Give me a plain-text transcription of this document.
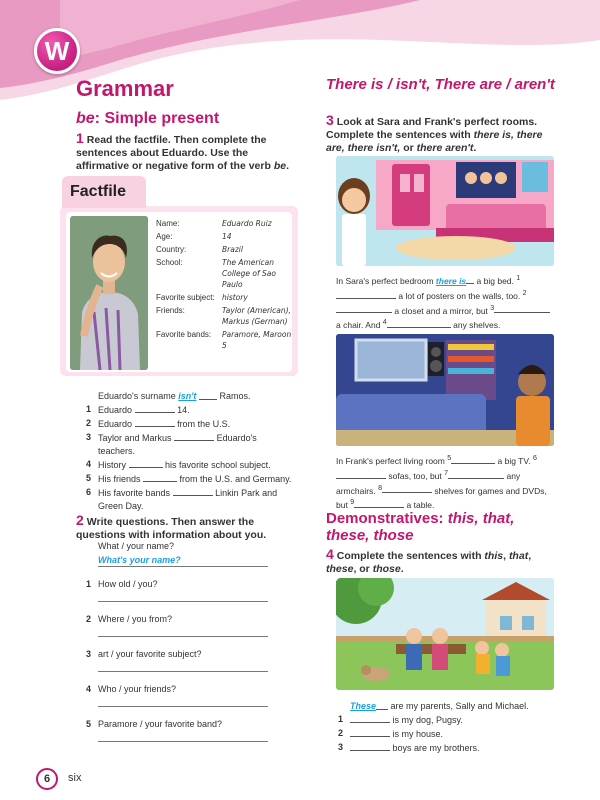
W
Grammar
be: Simple present
1 Read the factfile. Then complete the sentences about Eduardo. Use the affirmative or negative form of the verb be.
Factfile
Name:	Eduardo Ruiz
Age:	14
Country:	Brazil
School:	The American College of Sao Paulo
Favorite subject: history
Friends:	Taylor (American), Markus (German)
Favorite bands:	Paramore, Maroon 5
Eduardo's surname
isn't

	Ramos.
1 Eduardo	14.
2 Eduardo	from the U.S.
3 Taylor and Markus	Eduardo's teachers.
4 History	his favorite school subject.
5 His friends	from the U.S. and Germany.
6 His favorite bands	Linkin Park and Green Day.
2 Write questions. Then answer the questions with information about you.
What / your name?
What's your name?
1 How old / you?
2 Where / you from?
3 art / your favorite subject?
4 Who / your friends?
5 Paramore / your favorite band?
There is / isn't, There are / aren't
3 Look at Sara and Frank's perfect rooms. Complete the sentences with there is, there are, there isn't, or there aren't.
In Sara's perfect bedroom there is a big bed. $^1$ a lot of posters on the walls, too. $^2$ a closet and a mirror, but $^3$ a chair. And $^4$	any shelves.
In Frank's perfect living room $^5$	a big TV. $^6$ sofas, too, but $^7$	any armchairs. $^8$	shelves for games and DVDs, but $^9$	a table.
Demonstratives: this, that, these, those
4 Complete the sentences with this, that, these, or those.
These
are my parents, Sally and Michael.
1	is my dog, Pugsy.
2	is my house.
3	boys are my brothers.
6	six
